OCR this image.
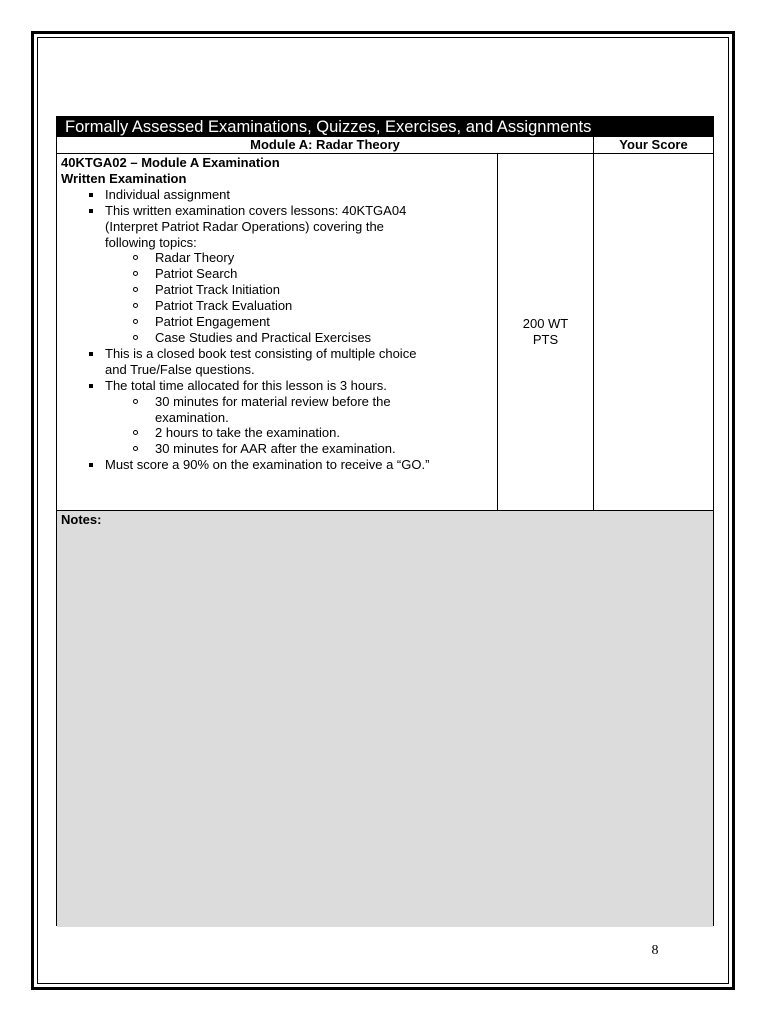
Formally Assessed Examinations, Quizzes, Exercises, and Assignments
Module A: Radar Theory	Your Score
40KTGA02 – Module A Examination
Written Examination
Individual assignment
This written examination covers lessons: 40KTGA04
(Interpret Patriot Radar Operations) covering the
following topics:
Radar Theory
Patriot Search
Patriot Track Initiation
Patriot Track Evaluation
Patriot Engagement
Case Studies and Practical Exercises
This is a closed book test consisting of multiple choice
and True/False questions.
The total time allocated for this lesson is 3 hours.
30 minutes for material review before the
examination.
2 hours to take the examination.
30 minutes for AAR after the examination.
Must score a 90% on the examination to receive a “GO.”
200 WT
PTS
Notes:
8
